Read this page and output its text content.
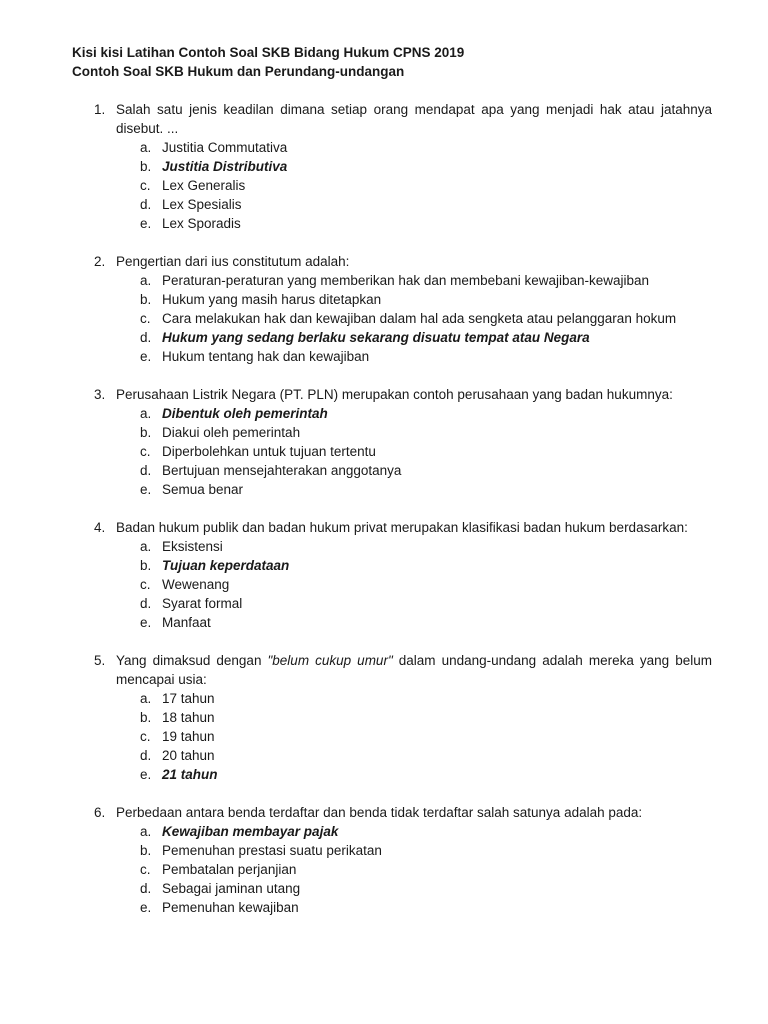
Kisi kisi Latihan Contoh Soal SKB Bidang Hukum CPNS 2019
Contoh Soal SKB Hukum dan Perundang-undangan
1. Salah satu jenis keadilan dimana setiap orang mendapat apa yang menjadi hak atau jatahnya disebut. ...
a. Justitia Commutativa
b. Justitia Distributiva
c. Lex Generalis
d. Lex Spesialis
e. Lex Sporadis
2. Pengertian dari ius constitutum adalah:
a. Peraturan-peraturan yang memberikan hak dan membebani kewajiban-kewajiban
b. Hukum yang masih harus ditetapkan
c. Cara melakukan hak dan kewajiban dalam hal ada sengketa atau pelanggaran hokum
d. Hukum yang sedang berlaku sekarang disuatu tempat atau Negara
e. Hukum tentang hak dan kewajiban
3. Perusahaan Listrik Negara (PT. PLN) merupakan contoh perusahaan yang badan hukumnya:
a. Dibentuk oleh pemerintah
b. Diakui oleh pemerintah
c. Diperbolehkan untuk tujuan tertentu
d. Bertujuan mensejahterakan anggotanya
e. Semua benar
4. Badan hukum publik dan badan hukum privat merupakan klasifikasi badan hukum berdasarkan:
a. Eksistensi
b. Tujuan keperdataan
c. Wewenang
d. Syarat formal
e. Manfaat
5. Yang dimaksud dengan "belum cukup umur" dalam undang-undang adalah mereka yang belum mencapai usia:
a. 17 tahun
b. 18 tahun
c. 19 tahun
d. 20 tahun
e. 21 tahun
6. Perbedaan antara benda terdaftar dan benda tidak terdaftar salah satunya adalah pada:
a. Kewajiban membayar pajak
b. Pemenuhan prestasi suatu perikatan
c. Pembatalan perjanjian
d. Sebagai jaminan utang
e. Pemenuhan kewajiban
